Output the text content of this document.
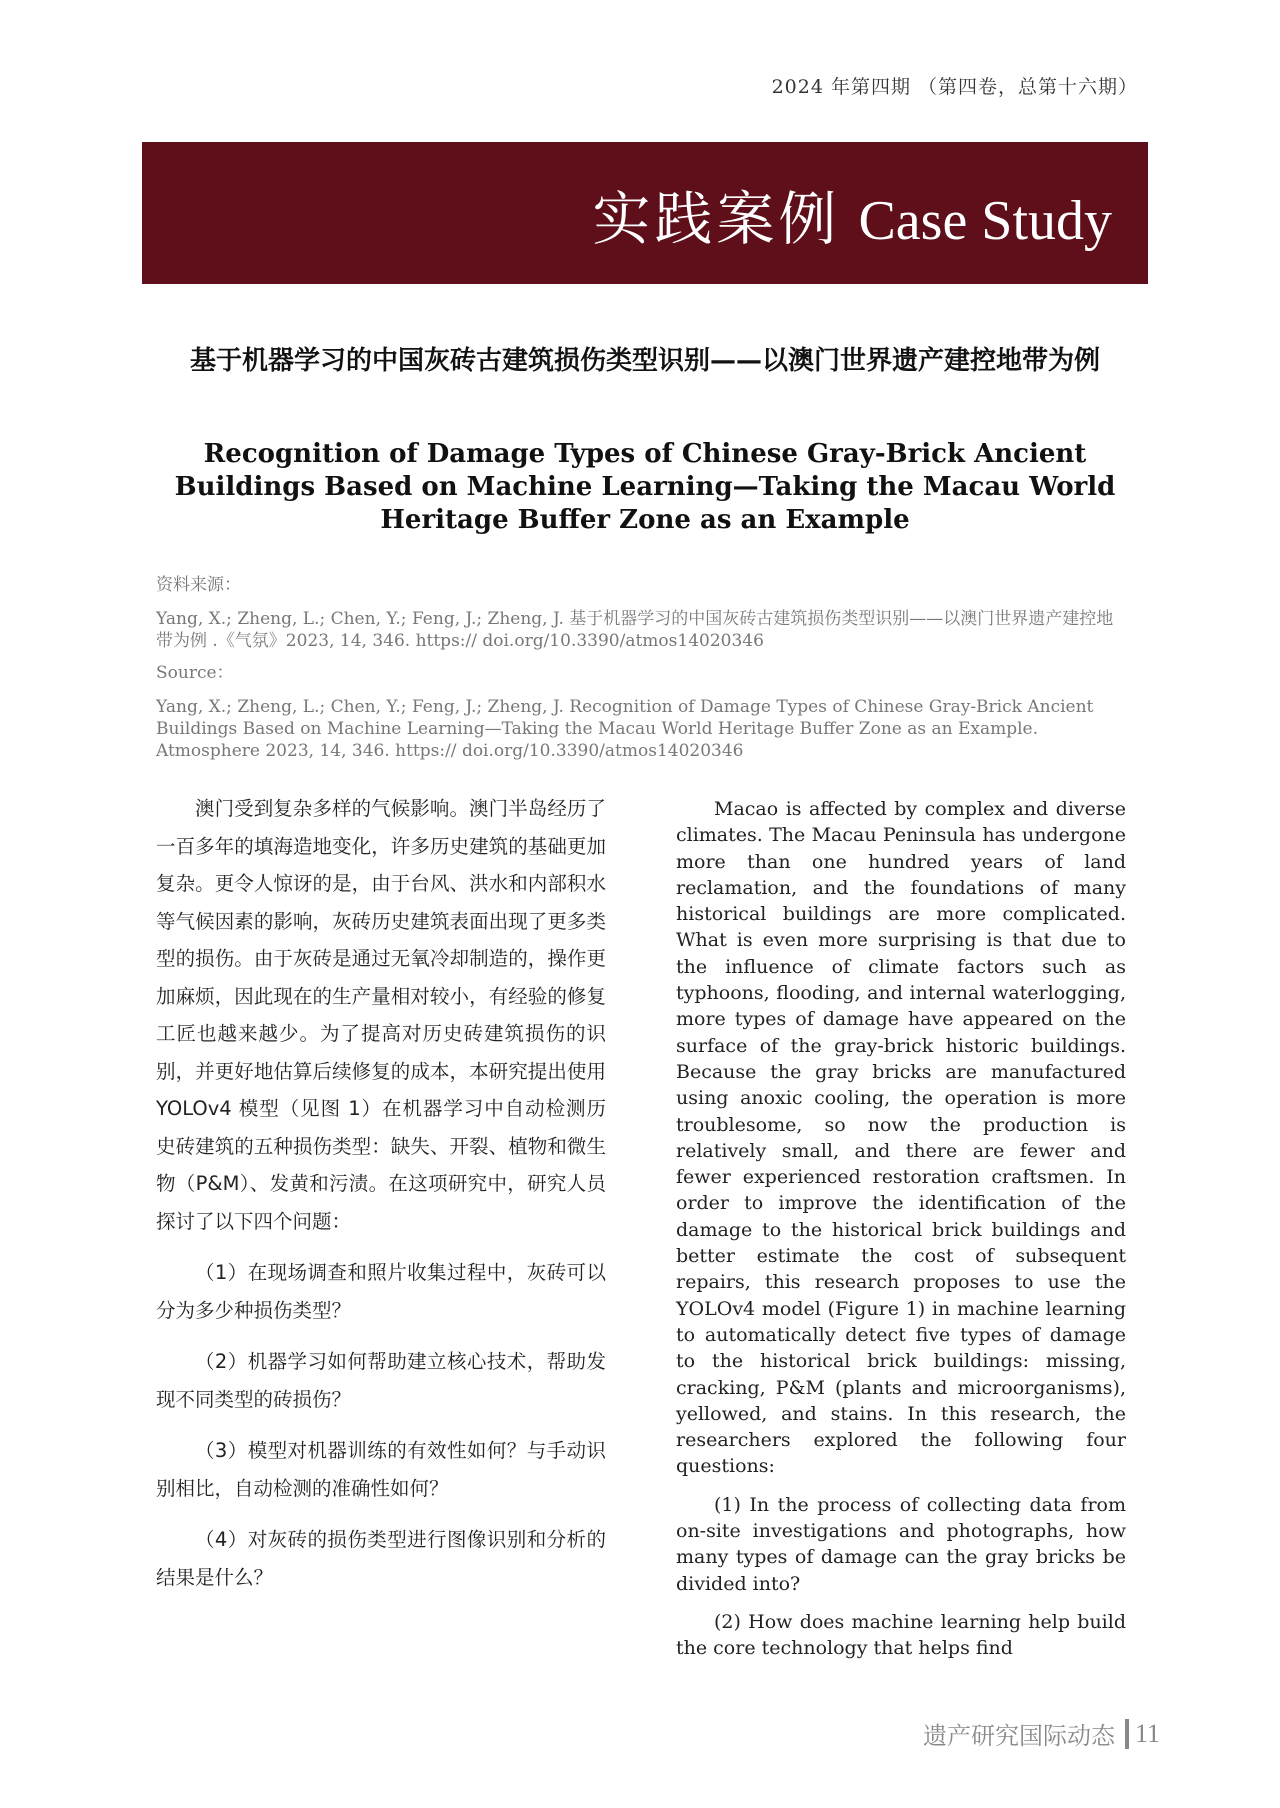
2024 年第四期 （第四卷，总第十六期）
实践案例 Case Study
基于机器学习的中国灰砖古建筑损伤类型识别——以澳门世界遗产建控地带为例
Recognition of Damage Types of Chinese Gray-Brick Ancient Buildings Based on Machine Learning—Taking the Macau World Heritage Buffer Zone as an Example

资料来源：

Yang, X.; Zheng, L.; Chen, Y.; Feng, J.; Zheng, J. 基于机器学习的中国灰砖古建筑损伤类型识别——以澳门世界遗产建控地带为例 .《气氛》2023, 14, 346. https:// doi.org/10.3390/atmos14020346

Source：

Yang, X.; Zheng, L.; Chen, Y.; Feng, J.; Zheng, J. Recognition of Damage Types of Chinese Gray-Brick Ancient Buildings Based on Machine Learning—Taking the Macau World Heritage Buffer Zone as an Example. Atmosphere 2023, 14, 346. https:// doi.org/10.3390/atmos14020346

澳门受到复杂多样的气候影响。澳门半岛经历了一百多年的填海造地变化，许多历史建筑的基础更加复杂。更令人惊讶的是，由于台风、洪水和内部积水等气候因素的影响，灰砖历史建筑表面出现了更多类型的损伤。由于灰砖是通过无氧冷却制造的，操作更加麻烦，因此现在的生产量相对较小，有经验的修复工匠也越来越少。为了提高对历史砖建筑损伤的识别，并更好地估算后续修复的成本，本研究提出使用 YOLOv4 模型（见图 1）在机器学习中自动检测历史砖建筑的五种损伤类型：缺失、开裂、植物和微生物（P&M）、发黄和污渍。在这项研究中，研究人员探讨了以下四个问题：

（1）在现场调查和照片收集过程中，灰砖可以分为多少种损伤类型？

（2）机器学习如何帮助建立核心技术，帮助发现不同类型的砖损伤？

（3）模型对机器训练的有效性如何？与手动识别相比，自动检测的准确性如何？

（4）对灰砖的损伤类型进行图像识别和分析的结果是什么？

Macao is affected by complex and diverse climates. The Macau Peninsula has undergone more than one hundred years of land reclamation, and the foundations of many historical buildings are more complicated. What is even more surprising is that due to the influence of climate factors such as typhoons, flooding, and internal waterlogging, more types of damage have appeared on the surface of the gray-brick historic buildings. Because the gray bricks are manufactured using anoxic cooling, the operation is more troublesome, so now the production is relatively small, and there are fewer and fewer experienced restoration craftsmen. In order to improve the identification of the damage to the historical brick buildings and better estimate the cost of subsequent repairs, this research proposes to use the YOLOv4 model (Figure 1) in machine learning to automatically detect five types of damage to the historical brick buildings: missing, cracking, P&M (plants and microorganisms), yellowed, and stains. In this research, the researchers explored the following four questions:

(1) In the process of collecting data from on-site investigations and photographs, how many types of damage can the gray bricks be divided into?

(2) How does machine learning help build the core technology that helps find

遗产研究国际动态 11
